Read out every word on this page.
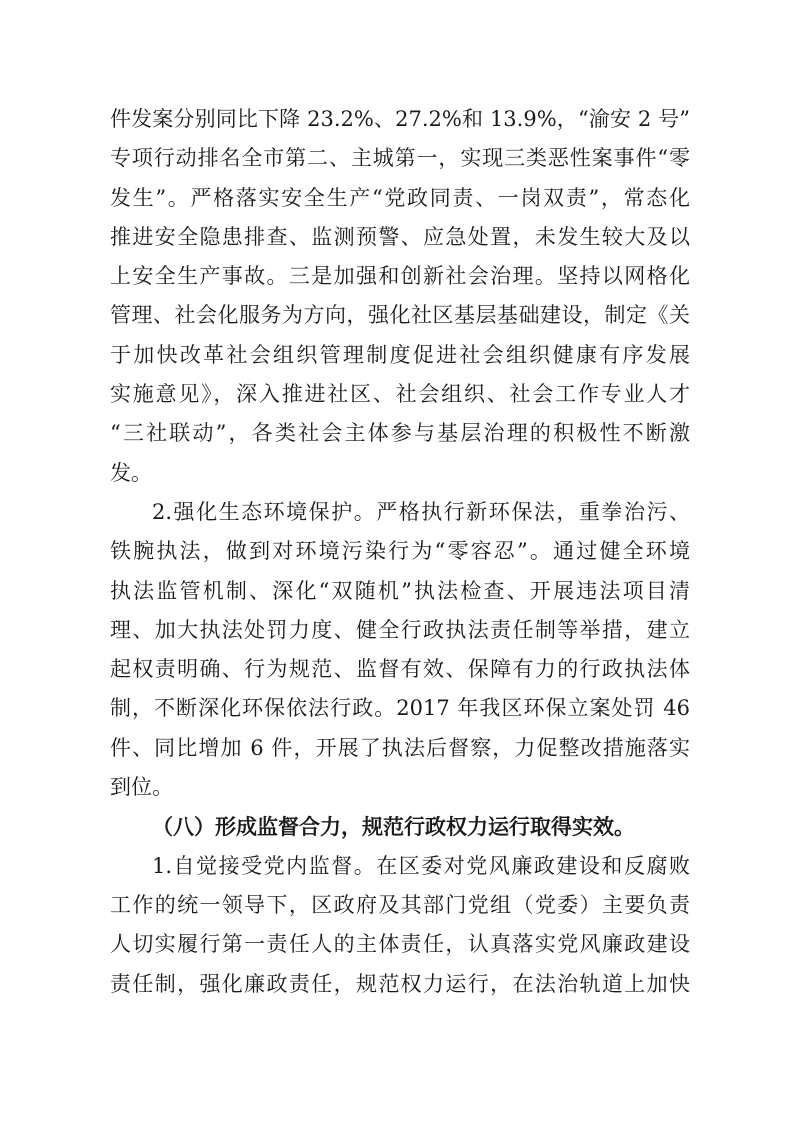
件发案分别同比下降 23.2%、27.2%和 13.9%，“渝安 2 号”
专项行动排名全市第二、主城第一，实现三类恶性案事件“零
发生”。严格落实安全生产“党政同责、一岗双责”，常态化
推进安全隐患排查、监测预警、应急处置，未发生较大及以
上安全生产事故。三是加强和创新社会治理。坚持以网格化
管理、社会化服务为方向，强化社区基层基础建设，制定《关
于加快改革社会组织管理制度促进社会组织健康有序发展
实施意见》，深入推进社区、社会组织、社会工作专业人才
“三社联动”，各类社会主体参与基层治理的积极性不断激
发。
2.强化生态环境保护。严格执行新环保法，重拳治污、
铁腕执法，做到对环境污染行为“零容忍”。通过健全环境
执法监管机制、深化“双随机”执法检查、开展违法项目清
理、加大执法处罚力度、健全行政执法责任制等举措，建立
起权责明确、行为规范、监督有效、保障有力的行政执法体
制，不断深化环保依法行政。2017 年我区环保立案处罚 46
件、同比增加 6 件，开展了执法后督察，力促整改措施落实
到位。
（八）形成监督合力，规范行政权力运行取得实效。
1.自觉接受党内监督。在区委对党风廉政建设和反腐败
工作的统一领导下，区政府及其部门党组（党委）主要负责
人切实履行第一责任人的主体责任，认真落实党风廉政建设
责任制，强化廉政责任，规范权力运行，在法治轨道上加快
